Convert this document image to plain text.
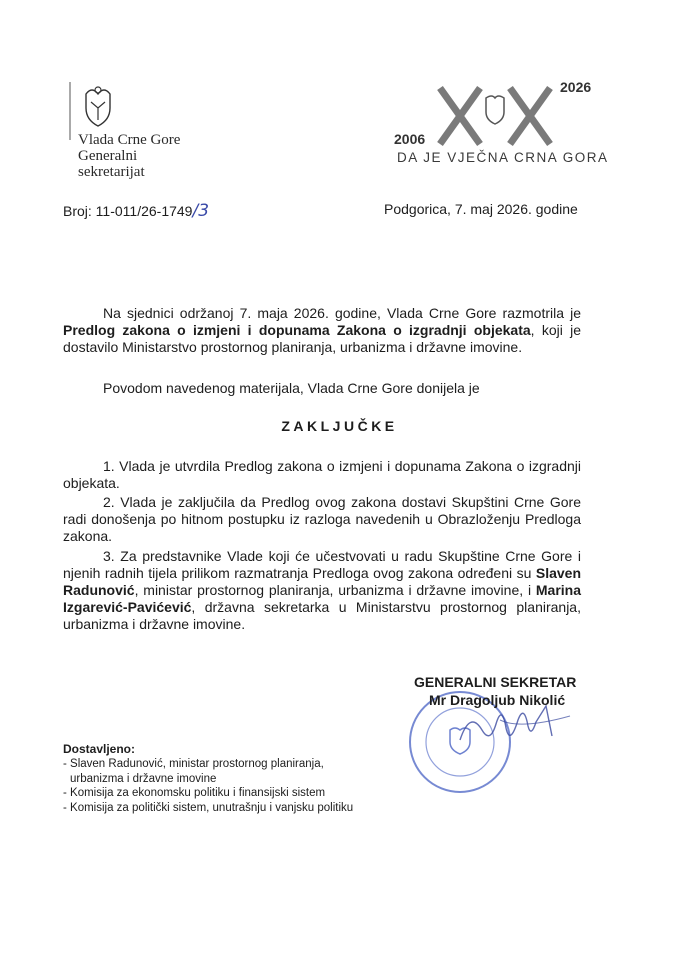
Vlada Crne Gore
Generalni
sekretarijat
2006
2026
DA JE VJEČNA CRNA GORA
Broj: 11-011/26-1749/3	Podgorica, 7. maj 2026. godine
Na sjednici održanoj 7. maja 2026. godine, Vlada Crne Gore razmotrila je Predlog zakona o izmjeni i dopunama Zakona o izgradnji objekata, koji je dostavilo Ministarstvo prostornog planiranja, urbanizma i državne imovine.
Povodom navedenog materijala, Vlada Crne Gore donijela je
ZAKLJUČKE
1. Vlada je utvrdila Predlog zakona o izmjeni i dopunama Zakona o izgradnji objekata.
2. Vlada je zaključila da Predlog ovog zakona dostavi Skupštini Crne Gore radi donošenja po hitnom postupku iz razloga navedenih u Obrazloženju Predloga zakona.
3. Za predstavnike Vlade koji će učestvovati u radu Skupštine Crne Gore i njenih radnih tijela prilikom razmatranja Predloga ovog zakona određeni su Slaven Radunović, ministar prostornog planiranja, urbanizma i državne imovine, i Marina Izgarević-Pavićević, državna sekretarka u Ministarstvu prostornog planiranja, urbanizma i državne imovine.
GENERALNI SEKRETAR
Mr Dragoljub Nikolić
Dostavljeno:
- Slaven Radunović, ministar prostornog planiranja, urbanizma i državne imovine
- Komisija za ekonomsku politiku i finansijski sistem
- Komisija za politički sistem, unutrašnju i vanjsku politiku
